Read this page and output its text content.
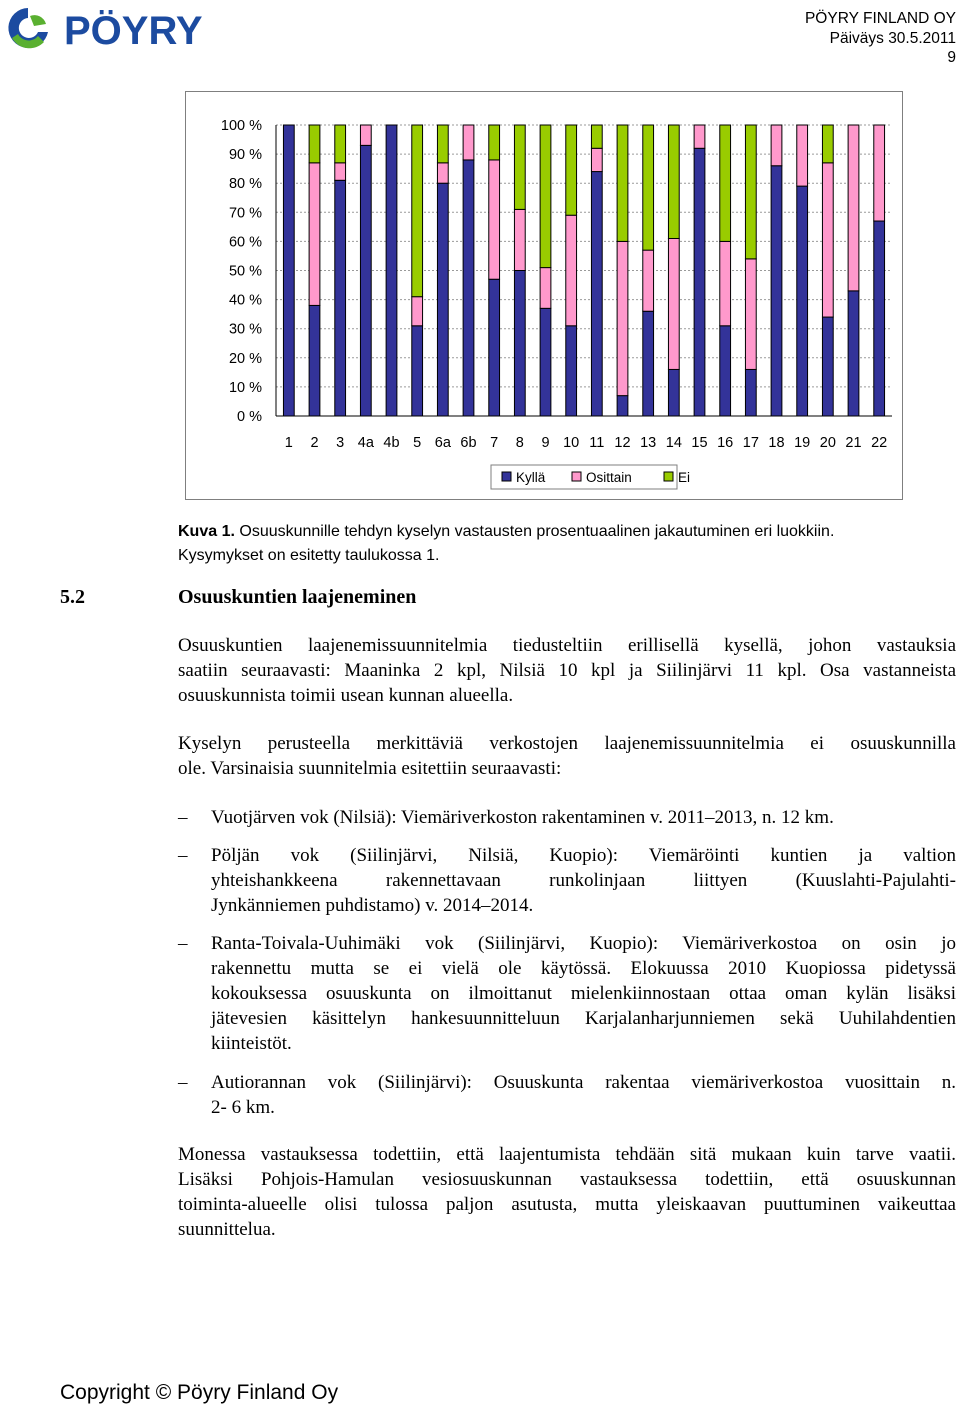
PÖYRY	PÖYRY FINLAND OY
Päiväys 30.5.2011
9
0 %
10 %
20 %
30 %
40 %
50 %
60 %
70 %
80 %
90 %
100 %
1 2 3 4a 4b 5 6a 6b 7 8 9 10 11 12 13 14 15 16 17 18 19 20 21 22
Kyllä	Osittain	Ei
Kuva 1. Osuuskunnille tehdyn kyselyn vastausten prosentuaalinen jakautuminen eri luokkiin.
Kysymykset on esitetty taulukossa 1.
5.2	Osuuskuntien laajeneminen
Osuuskuntien laajenemissuunnitelmia tiedusteltiin erillisellä kysellä, johon vastauksia
saatiin seuraavasti: Maaninka 2 kpl, Nilsiä 10 kpl ja Siilinjärvi 11 kpl. Osa vastanneista
osuuskunnista toimii usean kunnan alueella.
Kyselyn perusteella merkittäviä verkostojen laajenemissuunnitelmia ei osuuskunnilla
ole. Varsinaisia suunnitelmia esitettiin seuraavasti:
–	Vuotjärven vok (Nilsiä): Viemäriverkoston rakentaminen v. 2011–2013, n. 12 km.
–	Pöljän vok (Siilinjärvi, Nilsiä, Kuopio): Viemäröinti kuntien ja valtion
yhteishankkeena rakennettavaan runkolinjaan liittyen (Kuuslahti-Pajulahti-
Jynkänniemen puhdistamo) v. 2014–2014.
–	Ranta-Toivala-Uuhimäki vok (Siilinjärvi, Kuopio): Viemäriverkostoa on osin jo
rakennettu mutta se ei vielä ole käytössä. Elokuussa 2010 Kuopiossa pidetyssä
kokouksessa osuuskunta on ilmoittanut mielenkiinnostaan ottaa oman kylän lisäksi
jätevesien käsittelyn hankesuunnitteluun Karjalanharjunniemen sekä Uuhilahdentien
kiinteistöt.
–	Autiorannan vok (Siilinjärvi): Osuuskunta rakentaa viemäriverkostoa vuosittain n.
2- 6 km.
Monessa vastauksessa todettiin, että laajentumista tehdään sitä mukaan kuin tarve vaatii.
Lisäksi Pohjois-Hamulan vesiosuuskunnan vastauksessa todettiin, että osuuskunnan
toiminta-alueelle olisi tulossa paljon asutusta, mutta yleiskaavan puuttuminen vaikeuttaa
suunnittelua.
Copyright © Pöyry Finland Oy
